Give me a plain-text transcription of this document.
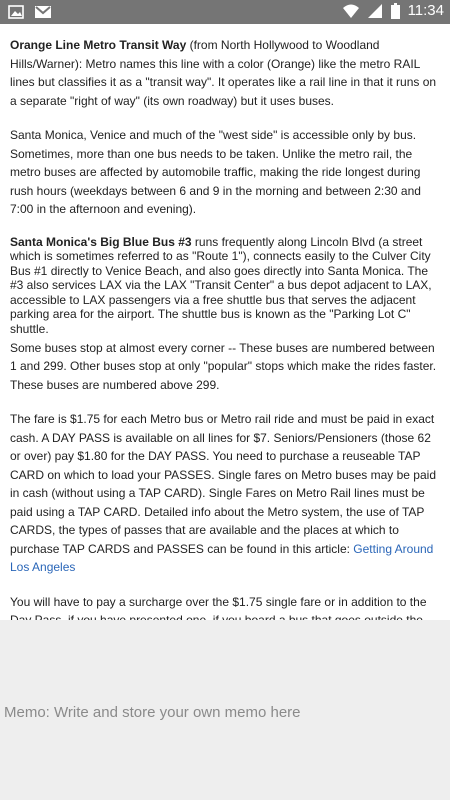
11:34

Orange Line Metro Transit Way (from North Hollywood to Woodland Hills/Warner): Metro names this line with a color (Orange) like the metro RAIL lines but classifies it as a "transit way". It operates like a rail line in that it runs on a separate "right of way" (its own roadway) but it uses buses.

Santa Monica, Venice and much of the "west side" is accessible only by bus. Sometimes, more than one bus needs to be taken. Unlike the metro rail, the metro buses are affected by automobile traffic, making the ride longest during rush hours (weekdays between 6 and 9 in the morning and between 2:30 and 7:00 in the afternoon and evening).

Santa Monica's Big Blue Bus #3 runs frequently along Lincoln Blvd (a street which is sometimes referred to as "Route 1"), connects easily to the Culver City Bus #1 directly to Venice Beach, and also goes directly into Santa Monica. The #3 also services LAX via the LAX "Transit Center" a bus depot adjacent to LAX, accessible to LAX passengers via a free shuttle bus that serves the adjacent parking area for the airport. The shuttle bus is known as the "Parking Lot C" shuttle.

Some buses stop at almost every corner -- These buses are numbered between 1 and 299. Other buses stop at only "popular" stops which make the rides faster. These buses are numbered above 299.

The fare is $1.75 for each Metro bus or Metro rail ride and must be paid in exact cash. A DAY PASS is available on all lines for $7. Seniors/Pensioners (those 62 or over) pay $1.80 for the DAY PASS. You need to purchase a reuseable TAP CARD on which to load your PASSES. Single fares on Metro buses may be paid in cash (without using a TAP CARD). Single Fares on Metro Rail lines must be paid using a TAP CARD. Detailed info about the Metro system, the use of TAP CARDS, the types of passes that are available and the places at which to purchase TAP CARDS and PASSES can be found in this article: Getting Around Los Angeles

You will have to pay a surcharge over the $1.75 single fare or in addition to the

Memo: Write and store your own memo here
